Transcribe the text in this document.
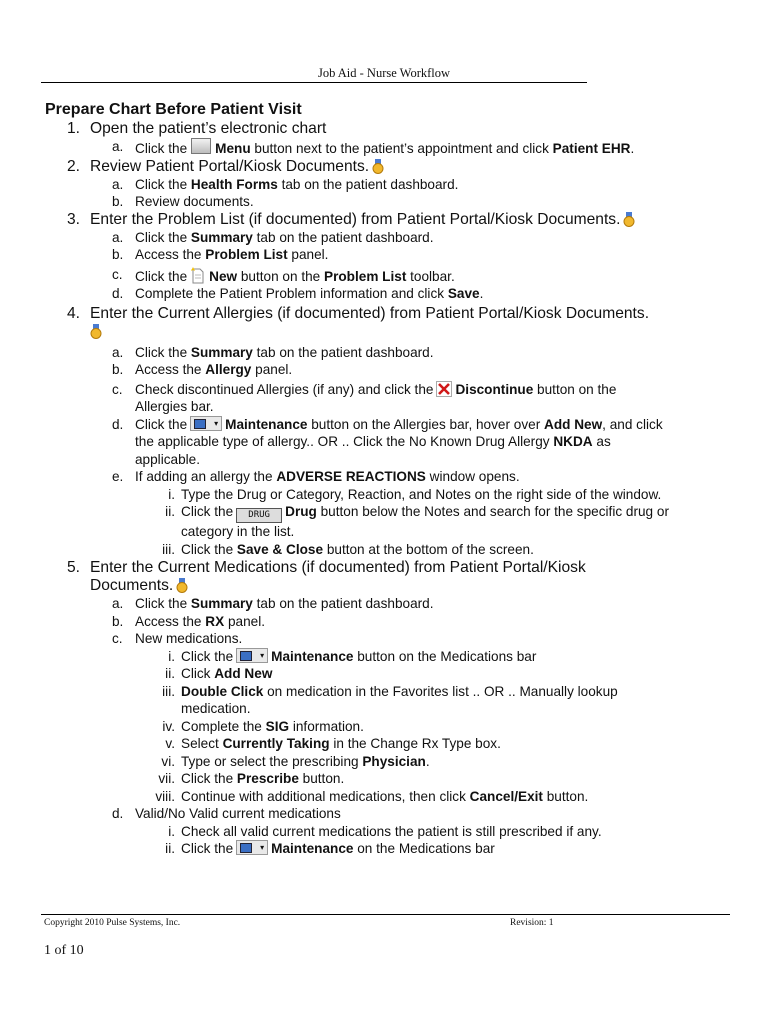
Job Aid - Nurse Workflow
Prepare Chart Before Patient Visit
1. Open the patient’s electronic chart
a. Click the Menu button next to the patient’s appointment and click Patient EHR.
2. Review Patient Portal/Kiosk Documents.
a. Click the Health Forms tab on the patient dashboard.
b. Review documents.
3. Enter the Problem List (if documented) from Patient Portal/Kiosk Documents.
a. Click the Summary tab on the patient dashboard.
b. Access the Problem List panel.
c. Click the New button on the Problem List toolbar.
d. Complete the Patient Problem information and click Save.
4. Enter the Current Allergies (if documented) from Patient Portal/Kiosk Documents.
a. Click the Summary tab on the patient dashboard.
b. Access the Allergy panel.
c. Check discontinued Allergies (if any) and click the Discontinue button on the
Allergies bar.
d. Click the	▾ Maintenance button on the Allergies bar, hover over Add New, and click
the applicable type of allergy.. OR .. Click the No Known Drug Allergy NKDA as
applicable.
e. If adding an allergy the ADVERSE REACTIONS window opens.
i. Type the Drug or Category, Reaction, and Notes on the right side of the window.
ii. Click the DRUG Drug button below the Notes and search for the specific drug or
category in the list.
iii. Click the Save & Close button at the bottom of the screen.
5. Enter the Current Medications (if documented) from Patient Portal/Kiosk
Documents.
a. Click the Summary tab on the patient dashboard.
b. Access the RX panel.
c. New medications.
i. Click the	▾ Maintenance button on the Medications bar
ii. Click Add New
iii. Double Click on medication in the Favorites list .. OR .. Manually lookup
medication.
iv. Complete the SIG information.
v. Select Currently Taking in the Change Rx Type box.
vi. Type or select the prescribing Physician.
vii. Click the Prescribe button.
viii. Continue with additional medications, then click Cancel/Exit button.
d. Valid/No Valid current medications
i. Check all valid current medications the patient is still prescribed if any.
ii. Click the	▾ Maintenance on the Medications bar
Copyright 2010 Pulse Systems, Inc.	Revision: 1
1 of 10
